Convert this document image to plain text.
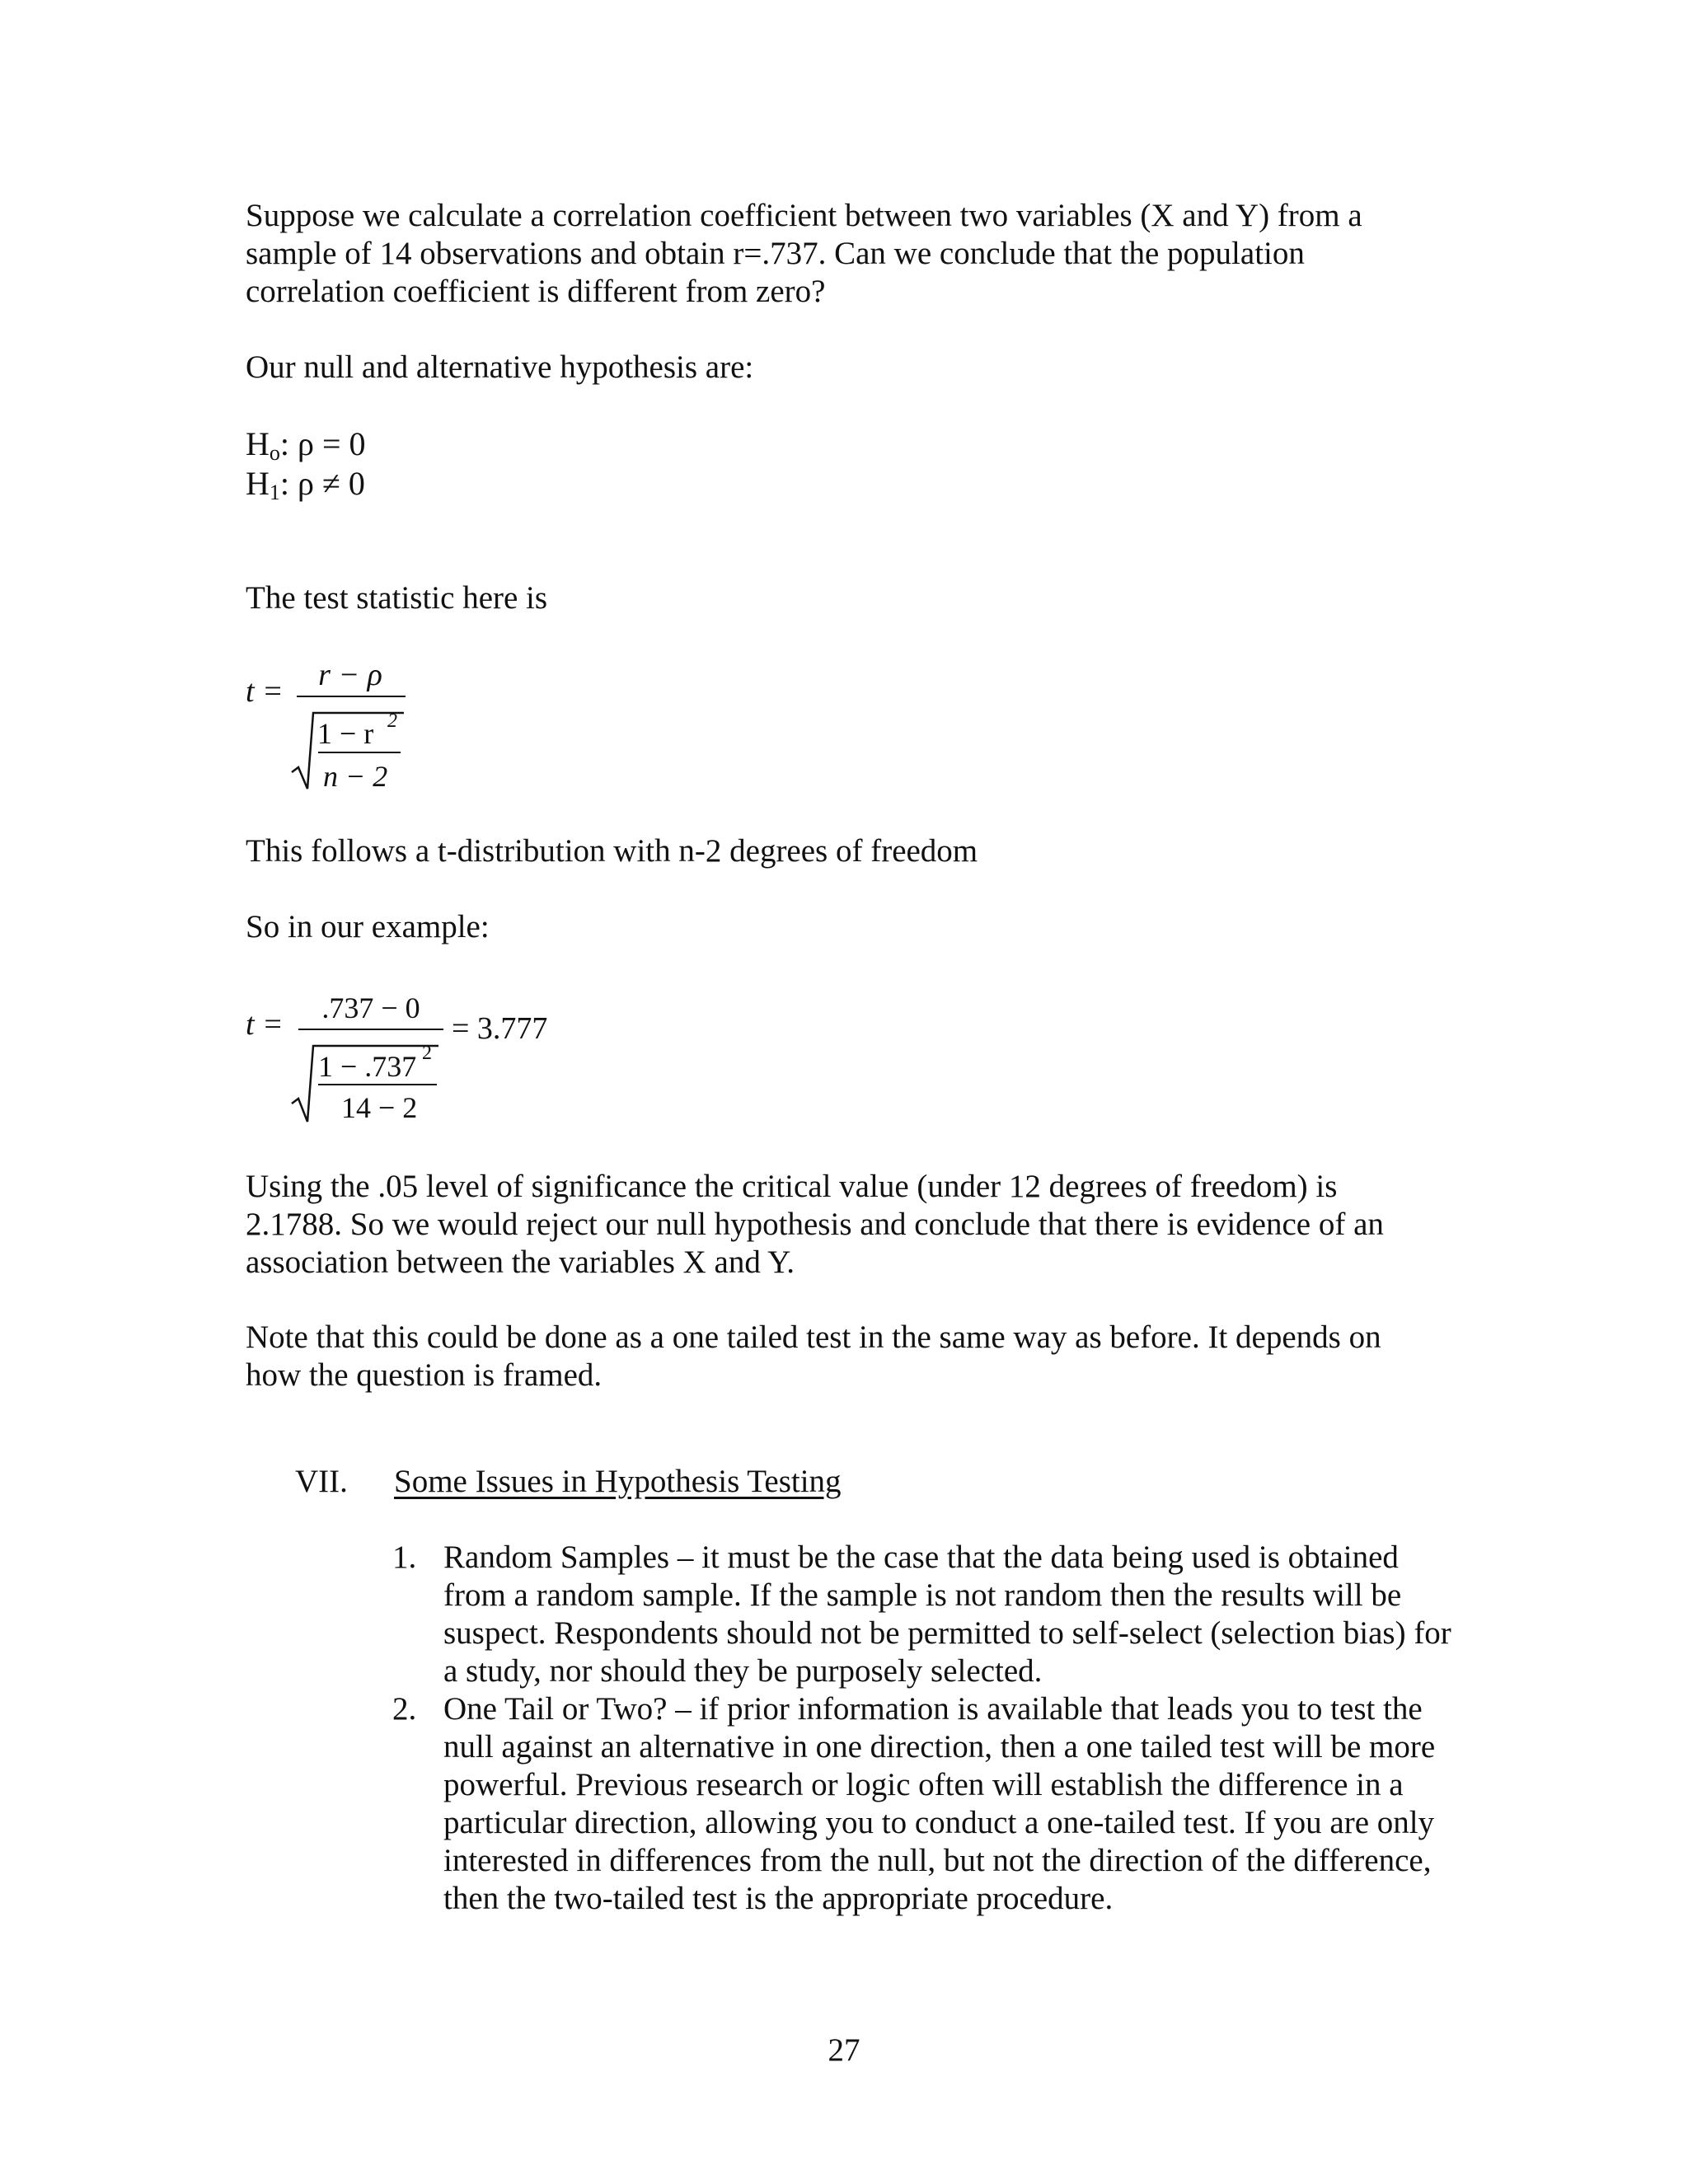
Suppose we calculate a correlation coefficient between two variables (X and Y) from a sample of 14 observations and obtain r=.737. Can we conclude that the population correlation coefficient is different from zero?

Our null and alternative hypothesis are:

$H_o$: ρ = 0
$H_1$: ρ ≠ 0

The test statistic here is

t = r − ρ
1 − r 2
n − 2

This follows a t-distribution with n-2 degrees of freedom

So in our example:

t = .737 − 0
1 − .737 2
14 − 2
= 3.777

Using the .05 level of significance the critical value (under 12 degrees of freedom) is 2.1788. So we would reject our null hypothesis and conclude that there is evidence of an association between the variables X and Y.

Note that this could be done as a one tailed test in the same way as before. It depends on how the question is framed.

VII. Some Issues in Hypothesis Testing
1. Random Samples – it must be the case that the data being used is obtained from a random sample. If the sample is not random then the results will be suspect. Respondents should not be permitted to self-select (selection bias) for a study, nor should they be purposely selected.
2. One Tail or Two? – if prior information is available that leads you to test the null against an alternative in one direction, then a one tailed test will be more powerful. Previous research or logic often will establish the difference in a particular direction, allowing you to conduct a one-tailed test. If you are only interested in differences from the null, but not the direction of the difference, then the two-tailed test is the appropriate procedure.
27
